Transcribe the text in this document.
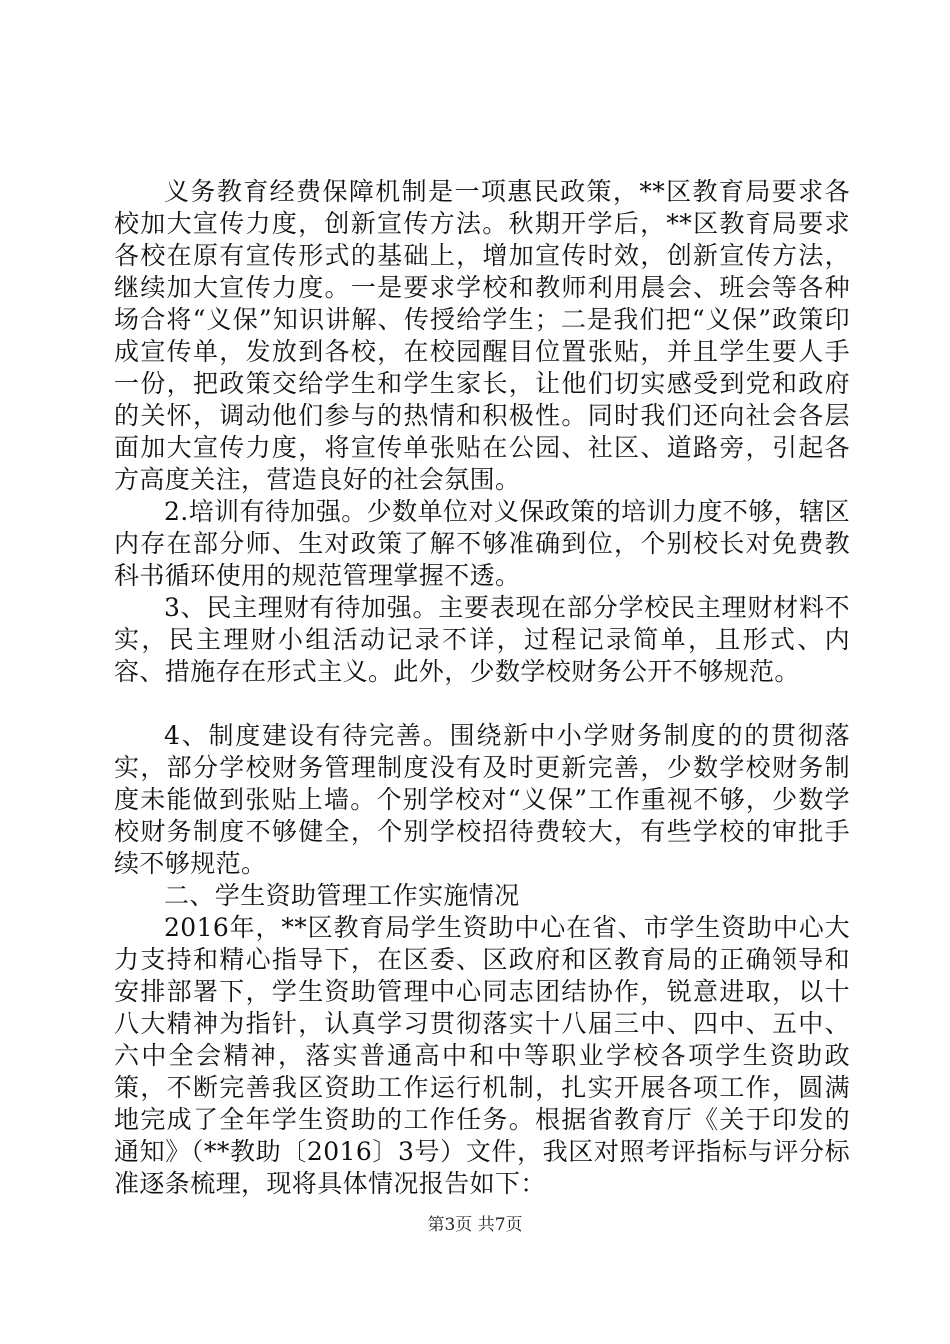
义务教育经费保障机制是一项惠民政策，**区教育局要求各校加大宣传力度，创新宣传方法。秋期开学后，**区教育局要求各校在原有宣传形式的基础上，增加宣传时效，创新宣传方法，继续加大宣传力度。一是要求学校和教师利用晨会、班会等各种场合将“义保”知识讲解、传授给学生；二是我们把“义保”政策印成宣传单，发放到各校，在校园醒目位置张贴，并且学生要人手一份，把政策交给学生和学生家长，让他们切实感受到党和政府的关怀，调动他们参与的热情和积极性。同时我们还向社会各层面加大宣传力度，将宣传单张贴在公园、社区、道路旁，引起各方高度关注，营造良好的社会氛围。

2.培训有待加强。少数单位对义保政策的培训力度不够，辖区内存在部分师、生对政策了解不够准确到位，个别校长对免费教科书循环使用的规范管理掌握不透。

3、民主理财有待加强。主要表现在部分学校民主理财材料不实，民主理财小组活动记录不详，过程记录简单，且形式、内容、措施存在形式主义。此外，少数学校财务公开不够规范。

4、制度建设有待完善。围绕新中小学财务制度的的贯彻落实，部分学校财务管理制度没有及时更新完善，少数学校财务制度未能做到张贴上墙。个别学校对“义保”工作重视不够，少数学校财务制度不够健全，个别学校招待费较大，有些学校的审批手续不够规范。

二、学生资助管理工作实施情况

2016年，**区教育局学生资助中心在省、市学生资助中心大力支持和精心指导下，在区委、区政府和区教育局的正确领导和安排部署下，学生资助管理中心同志团结协作，锐意进取，以十八大精神为指针，认真学习贯彻落实十八届三中、四中、五中、六中全会精神，落实普通高中和中等职业学校各项学生资助政策，不断完善我区资助工作运行机制，扎实开展各项工作，圆满地完成了全年学生资助的工作任务。根据省教育厅《关于印发的通知》（**教助〔2016〕3号）文件，我区对照考评指标与评分标准逐条梳理，现将具体情况报告如下：

第3页 共7页
